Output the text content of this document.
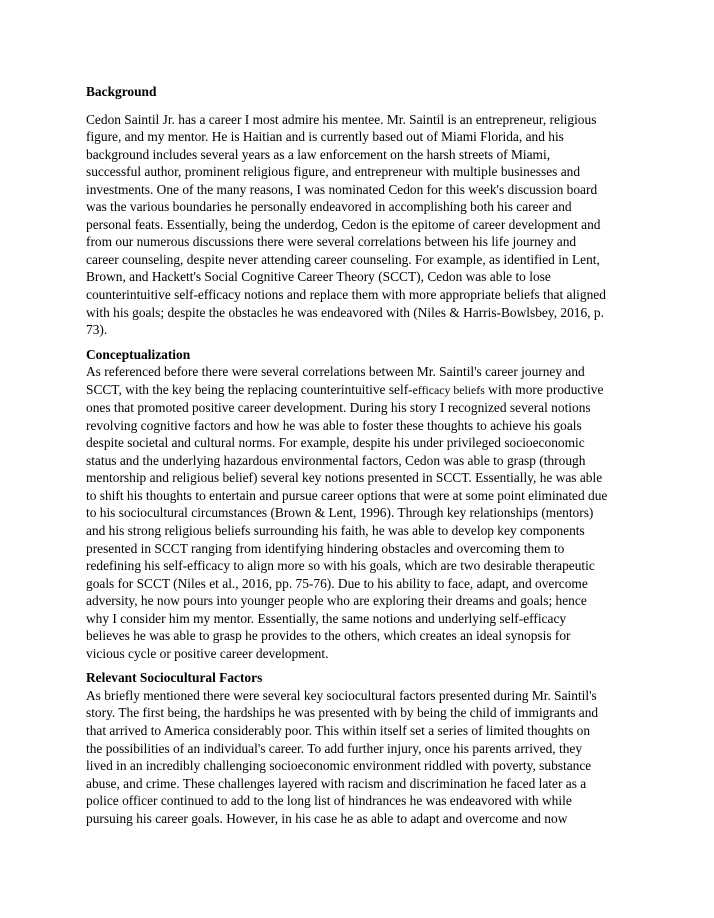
Background

Cedon Saintil Jr. has a career I most admire his mentee. Mr. Saintil is an entrepreneur, religious

figure, and my mentor. He is Haitian and is currently based out of Miami Florida, and his

background includes several years as a law enforcement on the harsh streets of Miami,

successful author, prominent religious figure, and entrepreneur with multiple businesses and

investments. One of the many reasons, I was nominated Cedon for this week's discussion board

was the various boundaries he personally endeavored in accomplishing both his career and

personal feats. Essentially, being the underdog, Cedon is the epitome of career development and

from our numerous discussions there were several correlations between his life journey and

career counseling, despite never attending career counseling. For example, as identified in Lent,

Brown, and Hackett's Social Cognitive Career Theory (SCCT), Cedon was able to lose

counterintuitive self-efficacy notions and replace them with more appropriate beliefs that aligned

with his goals; despite the obstacles he was endeavored with (Niles & Harris-Bowlsbey, 2016, p.

73).

Conceptualization

As referenced before there were several correlations between Mr. Saintil's career journey and

SCCT, with the key being the replacing counterintuitive self-efficacy beliefs with more productive

ones that promoted positive career development. During his story I recognized several notions

revolving cognitive factors and how he was able to foster these thoughts to achieve his goals

despite societal and cultural norms. For example, despite his under privileged socioeconomic

status and the underlying hazardous environmental factors, Cedon was able to grasp (through

mentorship and religious belief) several key notions presented in SCCT. Essentially, he was able

to shift his thoughts to entertain and pursue career options that were at some point eliminated due

to his sociocultural circumstances (Brown & Lent, 1996). Through key relationships (mentors)

and his strong religious beliefs surrounding his faith, he was able to develop key components

presented in SCCT ranging from identifying hindering obstacles and overcoming them to

redefining his self-efficacy to align more so with his goals, which are two desirable therapeutic

goals for SCCT (Niles et al., 2016, pp. 75-76). Due to his ability to face, adapt, and overcome

adversity, he now pours into younger people who are exploring their dreams and goals; hence

why I consider him my mentor. Essentially, the same notions and underlying self-efficacy

believes he was able to grasp he provides to the others, which creates an ideal synopsis for

vicious cycle or positive career development.

Relevant Sociocultural Factors

As briefly mentioned there were several key sociocultural factors presented during Mr. Saintil's

story. The first being, the hardships he was presented with by being the child of immigrants and

that arrived to America considerably poor. This within itself set a series of limited thoughts on

the possibilities of an individual's career. To add further injury, once his parents arrived, they

lived in an incredibly challenging socioeconomic environment riddled with poverty, substance

abuse, and crime. These challenges layered with racism and discrimination he faced later as a

police officer continued to add to the long list of hindrances he was endeavored with while

pursuing his career goals. However, in his case he as able to adapt and overcome and now
